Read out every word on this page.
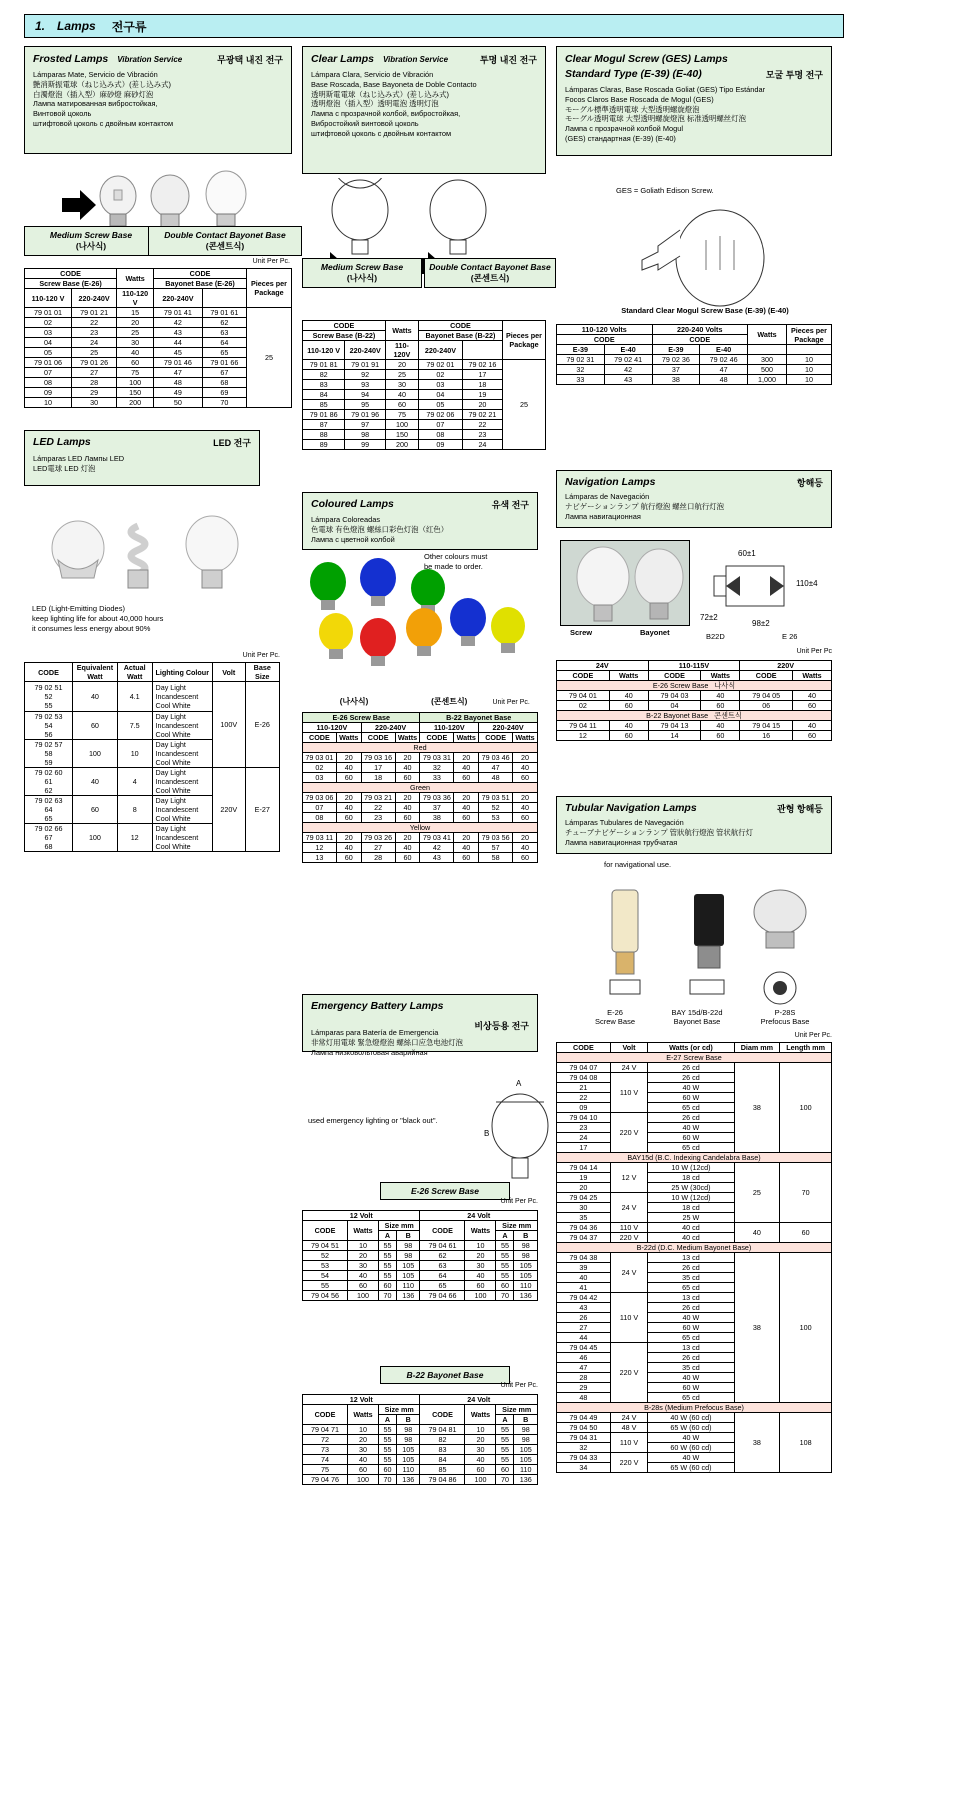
1. Lamps 전구류
Frosted Lamps Vibration Service	무광택 내진 전구
Lámparas Mate, Servicio de Vibración
艶消斯振電球（ねじ込み式）(差し込み式)
白濁燈泡（插入型）麻砂燈 麻砂灯泡
Лампа матированная виброcтойкая,
Винтовой цоколь
штифтовой цоколь с двойным контактом
Medium Screw Base
(나사식)
Double Contact Bayonet Base
(콘센트식)
Unit Per Pc.
CODE		Watts	CODE		Pieces per Package
Screw Base (E-26)			Bayonet Base (E-26)		
110-120 V	220-240V	110-120 V	220-240V		
79 01 01	79 01 21	15	79 01 41	79 01 61	25
02	22	20	42	62	
03	23	25	43	63	
04	24	30	44	64	
05	25	40	45	65	
79 01 06	79 01 26	60	79 01 46	79 01 66	
07	27	75	47	67	
08	28	100	48	68	
09	29	150	49	69	
10	30	200	50	70	
LED Lamps	LED 전구
Lámparas LED Лампы LED
LED電球 LED 灯泡
LED (Light-Emitting Diodes)
keep lighting life for about 40,000 hours
it consumes less energy about 90%
Unit Per Pc.
CODE	Equivalent Watt	Actual Watt	Lighting Colour	Volt	Base Size
79 02 51
52
55	40	4.1	Day Light
Incandescent
Cool White	100V	E-26
79 02 53
54
56	60	7.5	Day Light
Incandescent
Cool White		
79 02 57
58
59	100	10	Day Light
Incandescent
Cool White		
79 02 60
61
62	40	4	Day Light
Incandescent
Cool White	220V	E-27
79 02 63
64
65	60	8	Day Light
Incandescent
Cool White		
79 02 66
67
68	100	12	Day Light
Incandescent
Cool White		
Clear Lamps Vibration Service	투명 내진 전구
Lámpara Clara, Servicio de Vibración
Base Roscada, Base Bayoneta de Doble Contacto
透明斯電電球（ねじ込み式）(差し込み式)
透明燈泡（插入型）透明電泡 透明灯泡
Лампа с прозрачной колбой, виброcтойкая,
Виброcтойкий винтовой цоколь
штифтовой цоколь с двойным контактом
Medium Screw Base
(나사식)
Double Contact Bayonet Base
(콘센트식)
CODE		Watts	CODE		Pieces per Package
Screw Base (B-22)			Bayonet Base (B-22)		
110-120 V	220-240V	110-120V	220-240V		
79 01 81	79 01 91	20	79 02 01	79 02 16	25
82	92	25	02	17	
83	93	30	03	18	
84	94	40	04	19	
85	95	60	05	20	
79 01 86	79 01 96	75	79 02 06	79 02 21	
87	97	100	07	22	
88	98	150	08	23	
89	99	200	09	24	
Coloured Lamps	유색 전구
Lámpara Coloreadas
色電球 有色燈泡 螺絲口彩色灯泡（红色）
Лампа с цветной колбой
Other colours must
be made to order.
(나사식)	(콘센트식)	Unit Per Pc.
E-26 Screw Base				B-22 Bayonet Base			
110-120V		220-240V		110-120V		220-240V	
CODE	Watts	CODE	Watts	CODE	Watts	CODE	Watts
Red							
79 03 01	20	79 03 16	20	79 03 31	20	79 03 46	20
02	40	17	40	32	40	47	40
03	60	18	60	33	60	48	60
Green							
79 03 06	20	79 03 21	20	79 03 36	20	79 03 51	20
07	40	22	40	37	40	52	40
08	60	23	60	38	60	53	60
Yellow							
79 03 11	20	79 03 26	20	79 03 41	20	79 03 56	20
12	40	27	40	42	40	57	40
13	60	28	60	43	60	58	60
Clear Mogul Screw (GES) Lamps
Standard Type (E-39) (E-40)	모굴 투명 전구
Lámparas Claras, Base Roscada Goliat (GES) Tipo Estándar
Focos Claros Base Roscada de Mogul (GES)
モーグル標準透明電球 大型透明螺旋燈泡
モーグル透明電球 大型透明螺旋燈泡 标准透明螺丝灯泡
Лампа с прозрачной колбой Mogul
(GES) стандартная (E-39) (E-40)
GES = Goliath Edison Screw.
Standard Clear Mogul Screw Base (E-39) (E-40)
110-120 Volts		220-240 Volts		Watts	Pieces per Package
CODE		CODE			
E-39	E-40	E-39	E-40		
79 02 31	79 02 41	79 02 36	79 02 46	300	10
32	42	37	47	500	10
33	43	38	48	1,000	10
Navigation Lamps	항해등
Lámparas de Navegación
ナビゲーションランプ 航行燈泡 螺丝口航行灯泡
Лампа навигационная
Screw	Bayonet
60±1
110±4
72±2
98±2
B22D	E 26
Unit Per Pc
24V		110-115V		220V	
CODE	Watts	CODE	Watts	CODE	Watts
E-26 Screw Base 나사식					
79 04 01	40	79 04 03	40	79 04 05	40
02	60	04	60	06	60
B-22 Bayonet Base 콘센트식					
79 04 11	40	79 04 13	40	79 04 15	40
12	60	14	60	16	60
Tubular Navigation Lamps	관형 항해등
Lámparas Tubulares de Navegación
チューブナビゲーションランプ 管狀航行燈泡 管状航行灯
Лампа навигационная трубчатая
for navigational use.
E-26
Screw Base
BAY 15d/B-22d
Bayonet Base
P-28S
Prefocus Base
Unit Per Pc.
CODE	Volt	Watts (or cd)	Diam mm	Length mm
E-27 Screw Base				
79 04 07	24 V	26 cd	38	100
79 04 08	110 V	26 cd		
21		40 W		
22		60 W		
09		65 cd		
79 04 10	220 V	26 cd		
23		40 W		
24		60 W		
17		65 cd		
BAY15d (B.C. Indexing Candelabra Base)				
79 04 14	12 V	10 W (12cd)	25	70
19		18 cd		
20		25 W (30cd)		
79 04 25	24 V	10 W (12cd)		
30		18 cd		
35		25 W		
79 04 36	110 V	40 cd	40	60
79 04 37	220 V	40 cd		
B-22d (D.C. Medium Bayonet Base)				
79 04 38	24 V	13 cd	38	100
39		26 cd		
40		35 cd		
41		65 cd		
79 04 42	110 V	13 cd		
43		26 cd		
26		40 W		
27		60 W		
44		65 cd		
79 04 45	220 V	13 cd		
46		26 cd		
47		35 cd		
28		40 W		
29		60 W		
48		65 cd		
B-28s (Medium Prefocus Base)				
79 04 49	24 V	40 W (60 cd)	38	108
79 04 50	48 V	65 W (60 cd)		
79 04 31	110 V	40 W		
32		60 W (60 cd)		
79 04 33	220 V	40 W		
34		65 W (60 cd)		
Emergency Battery Lamps
비상등용 전구
Lámparas para Batería de Emergencia
非常灯用電球 緊急燈燈泡 螺絲口应急电池灯泡
Лампа низковольтовая аварийная
used emergency lighting or "black out".
A
B
E-26 Screw Base
Unit Per Pc.
12 Volt				24 Volt			
CODE	Watts	Size mm		CODE	Watts	Size mm	
		A	B			A	B
79 04 51	10	55	98	79 04 61	10	55	98
52	20	55	98	62	20	55	98
53	30	55	105	63	30	55	105
54	40	55	105	64	40	55	105
55	60	60	110	65	60	60	110
79 04 56	100	70	136	79 04 66	100	70	136
B-22 Bayonet Base
Unit Per Pc.
12 Volt				24 Volt			
CODE	Watts	Size mm		CODE	Watts	Size mm	
		A	B			A	B
79 04 71	10	55	98	79 04 81	10	55	98
72	20	55	98	82	20	55	98
73	30	55	105	83	30	55	105
74	40	55	105	84	40	55	105
75	60	60	110	85	60	60	110
79 04 76	100	70	136	79 04 86	100	70	136
